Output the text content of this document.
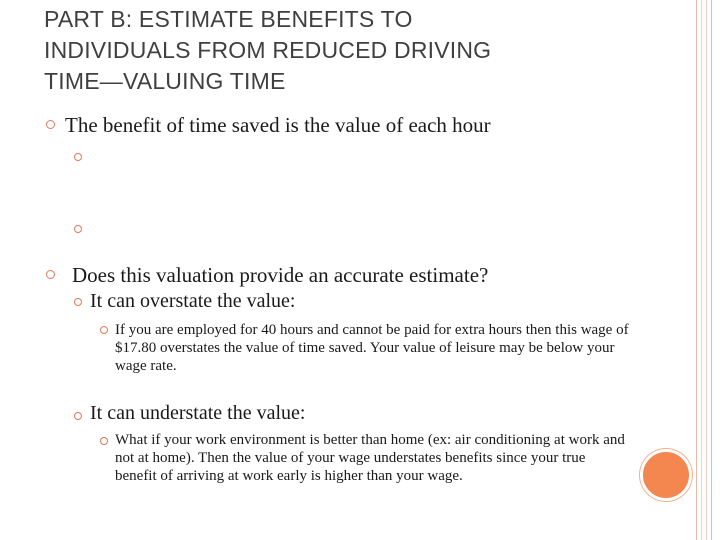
PART B: ESTIMATE BENEFITS TO
INDIVIDUALS FROM REDUCED DRIVING
TIME—VALUING TIME
The benefit of time saved is the value of each hour
Does this valuation provide an accurate estimate?
It can overstate the value:
If you are employed for 40 hours and cannot be paid for extra hours then this wage of $17.80 overstates the value of time saved. Your value of leisure may be below your wage rate.
It can understate the value:
What if your work environment is better than home (ex: air conditioning at work and not at home). Then the value of your wage understates benefits since your true benefit of arriving at work early is higher than your wage.
